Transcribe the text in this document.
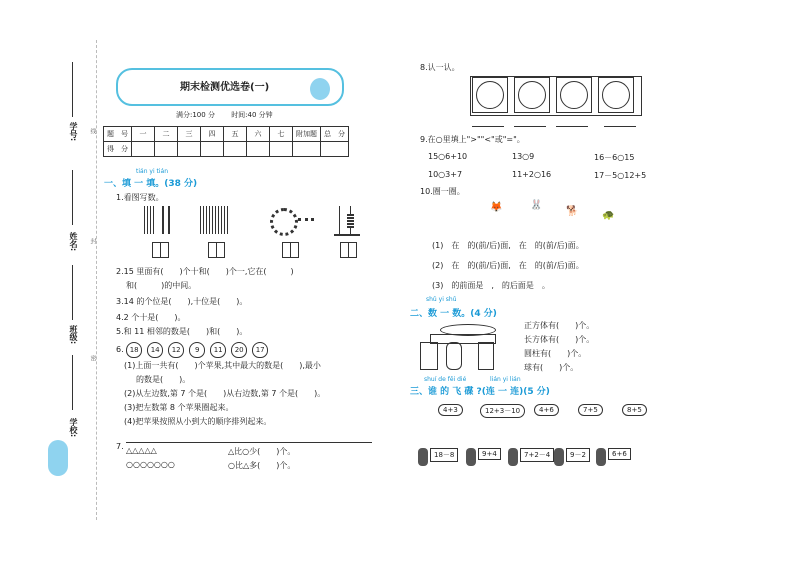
学号:
姓名:
班级:
学校:
线
封
密
期末检测优选卷(一)
满分:100 分　　 时间:40 分钟
题　号	一	二	三	四	五	六	七	附加题	总　分
得　分									
tián yi tián
一、填 一 填。(38 分)
1.看图写数。
2.15 里面有(　　)个十和(　　)个一,它在(　　　)
和(　　　)的中间。
3.14 的个位是(　　),十位是(　　)。
4.2 个十是(　　)。
5.和 11 相邻的数是(　　)和(　　)。
6. 18 14 12 9 11 20 17
(1)上面一共有(　　)个苹果,其中最大的数是(　　),最小
的数是(　　)。
(2)从左边数,第 7 个是(　　)从右边数,第 7 个是(　　)。
(3)把左数第 8 个苹果圈起来。
(4)把苹果按照从小到大的顺序排列起来。
7. △△△△△
○○○○○○○
△比○少(　　)个。
○比△多(　　)个。
8.认一认。
9.在○里填上">""<"或"="。
15○6+10	13○9	16－6○15
10○3+7	11+2○16	17－5○12+5
10.圈一圈。
🦊	🐰
🐕 🐢
(1)　在　的(前/后)面,　在　的(前/后)面。
(2)　在　的(前/后)面,　在　的(前/后)面。
(3)　的前面是　,　的后面是　。
shǔ yi shǔ
二、数 一 数。(4 分)
正方体有(　　)个。
长方体有(　　)个。
圆柱有(　　)个。
球有(　　)个。
shuí de fēi dié	lián yi lián
三、谁 的 飞 碟 ?(连 一 连)(5 分)
4+3	12+3－10	4+6	7+5	8+5
18－8	9+4	7+2－4	9－2	6+6
